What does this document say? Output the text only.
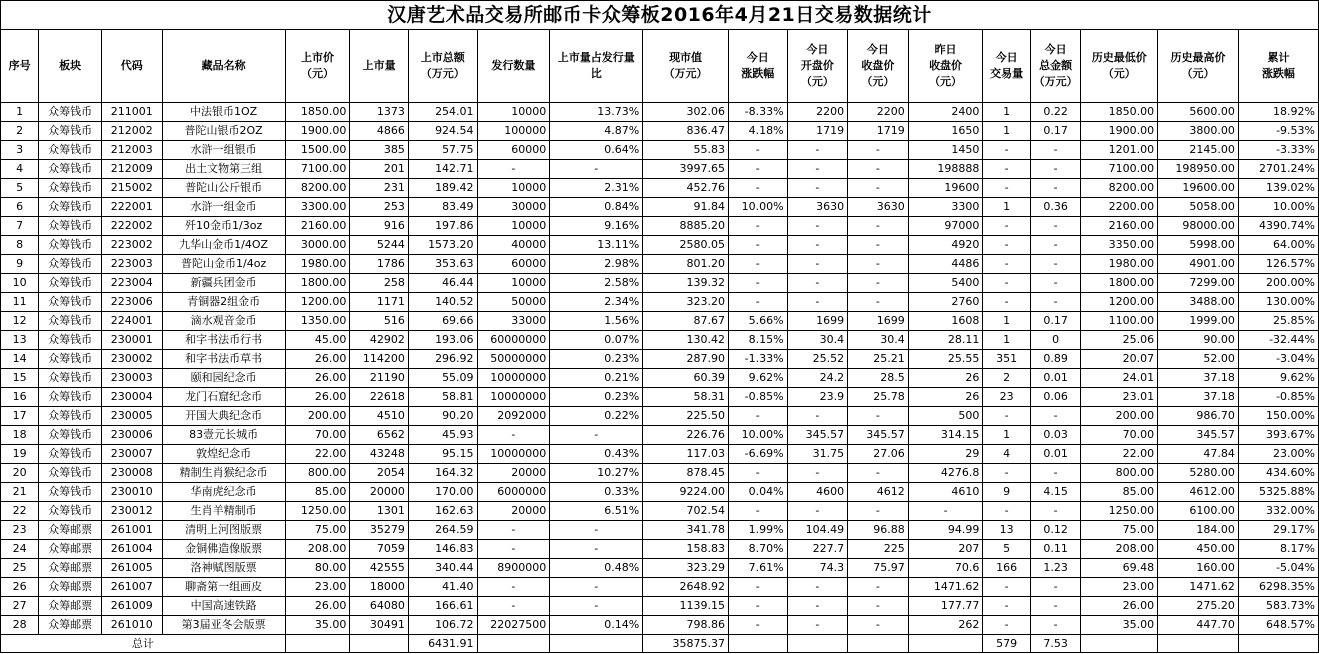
汉唐艺术品交易所邮币卡众筹板2016年4月21日交易数据统计																		

序号	板块	代码	藏品名称	上市价
（元）	上市量	上市总额
（万元）	发行数量	上市量占发行量
比	现市值
（万元）	今日
涨跌幅	今日
开盘价
（元）	今日
收盘价
（元）	昨日
收盘价
（元）	今日
交易量	今日
总金额
（万元）	历史最低价
（元）	历史最高价
（元）	累计
涨跌幅

1	众筹钱币	211001	中法银币1OZ	1850.00	1373	254.01	10000	13.73%	302.06	-8.33%	2200	2200	2400	1	0.22	1850.00	5600.00	18.92%
2	众筹钱币	212002	普陀山银币2OZ	1900.00	4866	924.54	100000	4.87%	836.47	4.18%	1719	1719	1650	1	0.17	1900.00	3800.00	-9.53%
3	众筹钱币	212003	水浒一组银币	1500.00	385	57.75	60000	0.64%	55.83	-	-	-	1450	-	-	1201.00	2145.00	-3.33%
4	众筹钱币	212009	出土文物第三组	7100.00	201	142.71	-	-	3997.65	-	-	-	198888	-	-	7100.00	198950.00	2701.24%
5	众筹钱币	215002	普陀山公斤银币	8200.00	231	189.42	10000	2.31%	452.76	-	-	-	19600	-	-	8200.00	19600.00	139.02%
6	众筹钱币	222001	水浒一组金币	3300.00	253	83.49	30000	0.84%	91.84	10.00%	3630	3630	3300	1	0.36	2200.00	5058.00	10.00%
7	众筹钱币	222002	歼10金币1/3oz	2160.00	916	197.86	10000	9.16%	8885.20	-	-	-	97000	-	-	2160.00	98000.00	4390.74%
8	众筹钱币	223002	九华山金币1/4OZ	3000.00	5244	1573.20	40000	13.11%	2580.05	-	-	-	4920	-	-	3350.00	5998.00	64.00%
9	众筹钱币	223003	普陀山金币1/4oz	1980.00	1786	353.63	60000	2.98%	801.20	-	-	-	4486	-	-	1980.00	4901.00	126.57%
10	众筹钱币	223004	新疆兵团金币	1800.00	258	46.44	10000	2.58%	139.32	-	-	-	5400	-	-	1800.00	7299.00	200.00%
11	众筹钱币	223006	青铜器2组金币	1200.00	1171	140.52	50000	2.34%	323.20	-	-	-	2760	-	-	1200.00	3488.00	130.00%
12	众筹钱币	224001	滴水观音金币	1350.00	516	69.66	33000	1.56%	87.67	5.66%	1699	1699	1608	1	0.17	1100.00	1999.00	25.85%
13	众筹钱币	230001	和字书法币行书	45.00	42902	193.06	60000000	0.07%	130.42	8.15%	30.4	30.4	28.11	1	0	25.06	90.00	-32.44%
14	众筹钱币	230002	和字书法币草书	26.00	114200	296.92	50000000	0.23%	287.90	-1.33%	25.52	25.21	25.55	351	0.89	20.07	52.00	-3.04%
15	众筹钱币	230003	颐和园纪念币	26.00	21190	55.09	10000000	0.21%	60.39	9.62%	24.2	28.5	26	2	0.01	24.01	37.18	9.62%
16	众筹钱币	230004	龙门石窟纪念币	26.00	22618	58.81	10000000	0.23%	58.31	-0.85%	23.9	25.78	26	23	0.06	23.01	37.18	-0.85%
17	众筹钱币	230005	开国大典纪念币	200.00	4510	90.20	2092000	0.22%	225.50	-	-	-	500	-	-	200.00	986.70	150.00%
18	众筹钱币	230006	83壹元长城币	70.00	6562	45.93	-	-	226.76	10.00%	345.57	345.57	314.15	1	0.03	70.00	345.57	393.67%
19	众筹钱币	230007	敦煌纪念币	22.00	43248	95.15	10000000	0.43%	117.03	-6.69%	31.75	27.06	29	4	0.01	22.00	47.84	23.00%
20	众筹钱币	230008	精制生肖猴纪念币	800.00	2054	164.32	20000	10.27%	878.45	-	-	-	4276.8	-	-	800.00	5280.00	434.60%
21	众筹钱币	230010	华南虎纪念币	85.00	20000	170.00	6000000	0.33%	9224.00	0.04%	4600	4612	4610	9	4.15	85.00	4612.00	5325.88%
22	众筹钱币	230012	生肖羊精制币	1250.00	1301	162.63	20000	6.51%	702.54	-	-	-	-	-	-	1250.00	6100.00	332.00%
23	众筹邮票	261001	清明上河图版票	75.00	35279	264.59	-	-	341.78	1.99%	104.49	96.88	94.99	13	0.12	75.00	184.00	29.17%
24	众筹邮票	261004	金铜佛造像版票	208.00	7059	146.83	-	-	158.83	8.70%	227.7	225	207	5	0.11	208.00	450.00	8.17%
25	众筹邮票	261005	洛神赋图版票	80.00	42555	340.44	8900000	0.48%	323.29	7.61%	74.3	75.97	70.6	166	1.23	69.48	160.00	-5.04%
26	众筹邮票	261007	聊斋第一组画皮	23.00	18000	41.40	-	-	2648.92	-	-	-	1471.62	-	-	23.00	1471.62	6298.35%
27	众筹邮票	261009	中国高速铁路	26.00	64080	166.61	-	-	1139.15	-	-	-	177.77	-	-	26.00	275.20	583.73%
28	众筹邮票	261010	第3届亚冬会版票	35.00	30491	106.72	22027500	0.14%	798.86	-	-	-	262	-	-	35.00	447.70	648.57%
总计						6431.91			35875.37					579	7.53			
